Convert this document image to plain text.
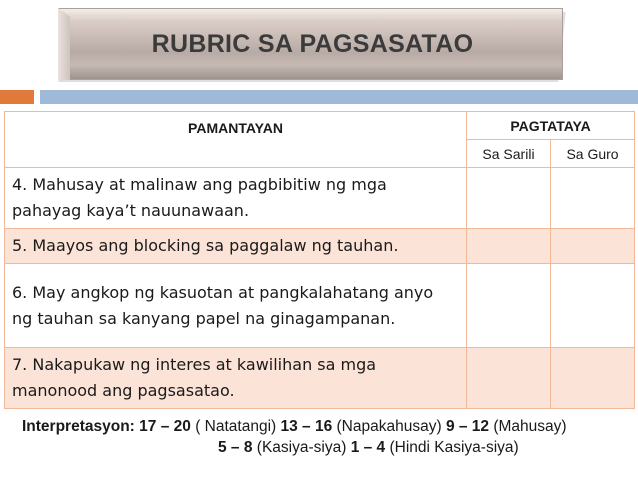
RUBRIC SA PAGSASATAO
PAMANTAYAN	PAGTATAYA	
	Sa Sarili	Sa Guro
4. Mahusay at malinaw ang pagbibitiw ng mga pahayag kaya’t nauunawaan.		
5. Maayos ang blocking sa paggalaw ng tauhan.		
6. May angkop ng kasuotan at pangkalahatang anyo ng tauhan sa kanyang papel na ginagampanan.		
7. Nakapukaw ng interes at kawilihan sa mga manonood ang pagsasatao.		
Interpretasyon: 17 – 20 ( Natatangi) 13 – 16 (Napakahusay) 9 – 12 (Mahusay)
5 – 8 (Kasiya-siya) 1 – 4 (Hindi Kasiya-siya)
